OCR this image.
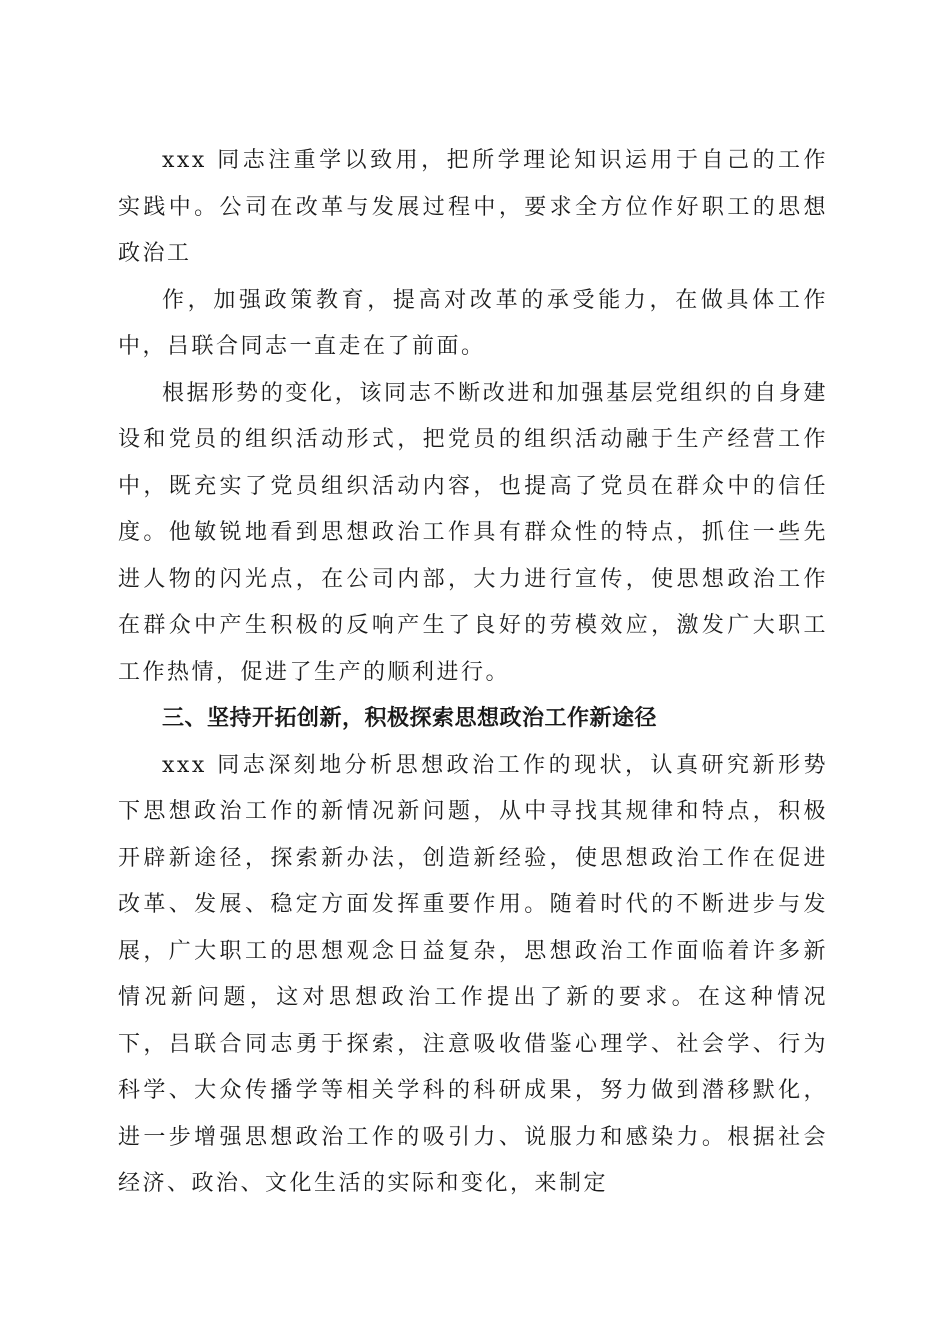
xxx 同志注重学以致用，把所学理论知识运用于自己的工作实践中。公司在改革与发展过程中，要求全方位作好职工的思想政治工

作，加强政策教育，提高对改革的承受能力，在做具体工作中，吕联合同志一直走在了前面。

根据形势的变化，该同志不断改进和加强基层党组织的自身建设和党员的组织活动形式，把党员的组织活动融于生产经营工作中，既充实了党员组织活动内容，也提高了党员在群众中的信任度。他敏锐地看到思想政治工作具有群众性的特点，抓住一些先进人物的闪光点，在公司内部，大力进行宣传，使思想政治工作在群众中产生积极的反响产生了良好的劳模效应，激发广大职工工作热情，促进了生产的顺利进行。

三、坚持开拓创新，积极探索思想政治工作新途径

xxx 同志深刻地分析思想政治工作的现状，认真研究新形势下思想政治工作的新情况新问题，从中寻找其规律和特点，积极开辟新途径，探索新办法，创造新经验，使思想政治工作在促进改革、发展、稳定方面发挥重要作用。随着时代的不断进步与发展，广大职工的思想观念日益复杂，思想政治工作面临着许多新情况新问题，这对思想政治工作提出了新的要求。在这种情况下，吕联合同志勇于探索，注意吸收借鉴心理学、社会学、行为科学、大众传播学等相关学科的科研成果，努力做到潜移默化，进一步增强思想政治工作的吸引力、说服力和感染力。根据社会经济、政治、文化生活的实际和变化，来制定
